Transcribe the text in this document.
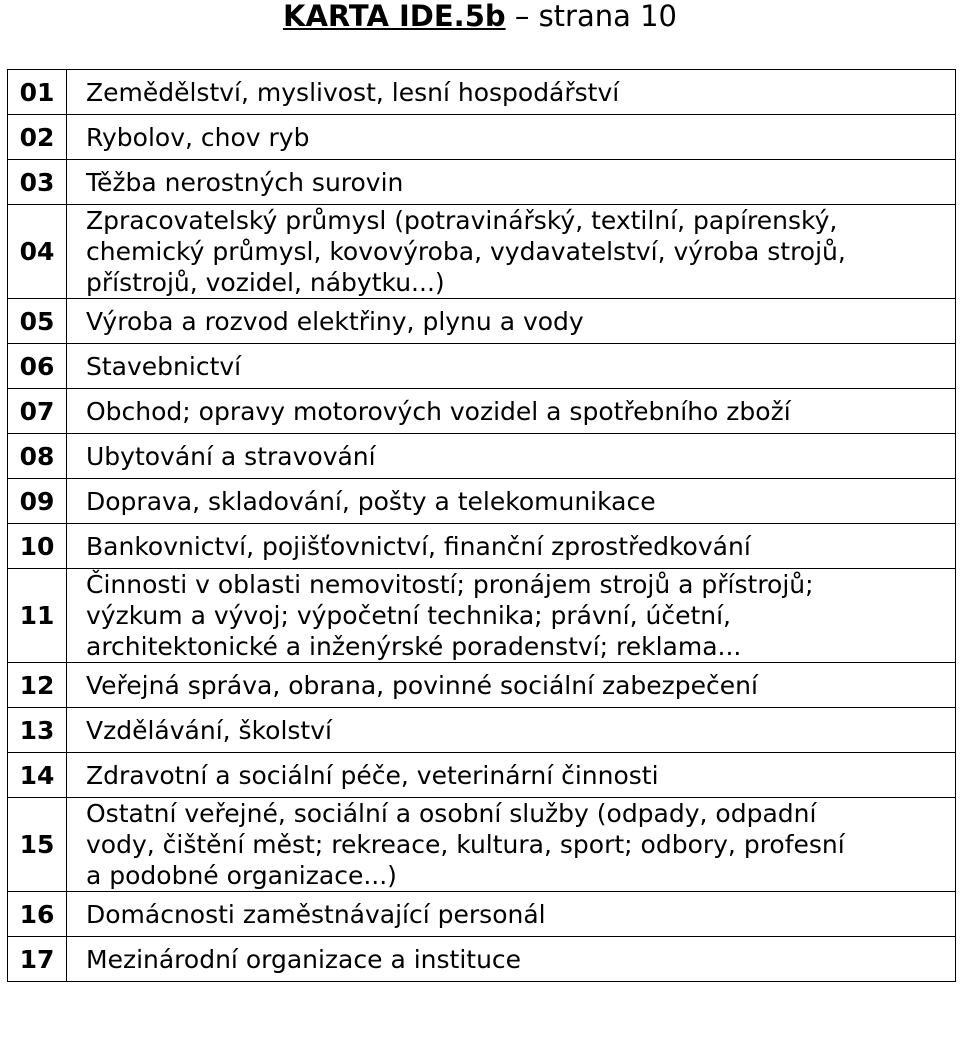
KARTA IDE.5b – strana 10
01	Zemědělství, myslivost, lesní hospodářství

02	Rybolov, chov ryb

03	Těžba nerostných surovin

04	Zpracovatelský průmysl (potravinářský, textilní, papírenský,
chemický průmysl, kovovýroba, vydavatelství, výroba strojů,
přístrojů, vozidel, nábytku...)

05	Výroba a rozvod elektřiny, plynu a vody

06	Stavebnictví

07	Obchod; opravy motorových vozidel a spotřebního zboží

08	Ubytování a stravování

09	Doprava, skladování, pošty a telekomunikace

10	Bankovnictví, pojišťovnictví, finanční zprostředkování

11	Činnosti v oblasti nemovitostí; pronájem strojů a přístrojů;
výzkum a vývoj; výpočetní technika; právní, účetní,
architektonické a inženýrské poradenství; reklama...

12	Veřejná správa, obrana, povinné sociální zabezpečení

13	Vzdělávání, školství

14	Zdravotní a sociální péče, veterinární činnosti

15	Ostatní veřejné, sociální a osobní služby (odpady, odpadní
vody, čištění měst; rekreace, kultura, sport; odbory, profesní
a podobné organizace...)

16	Domácnosti zaměstnávající personál

17	Mezinárodní organizace a instituce
